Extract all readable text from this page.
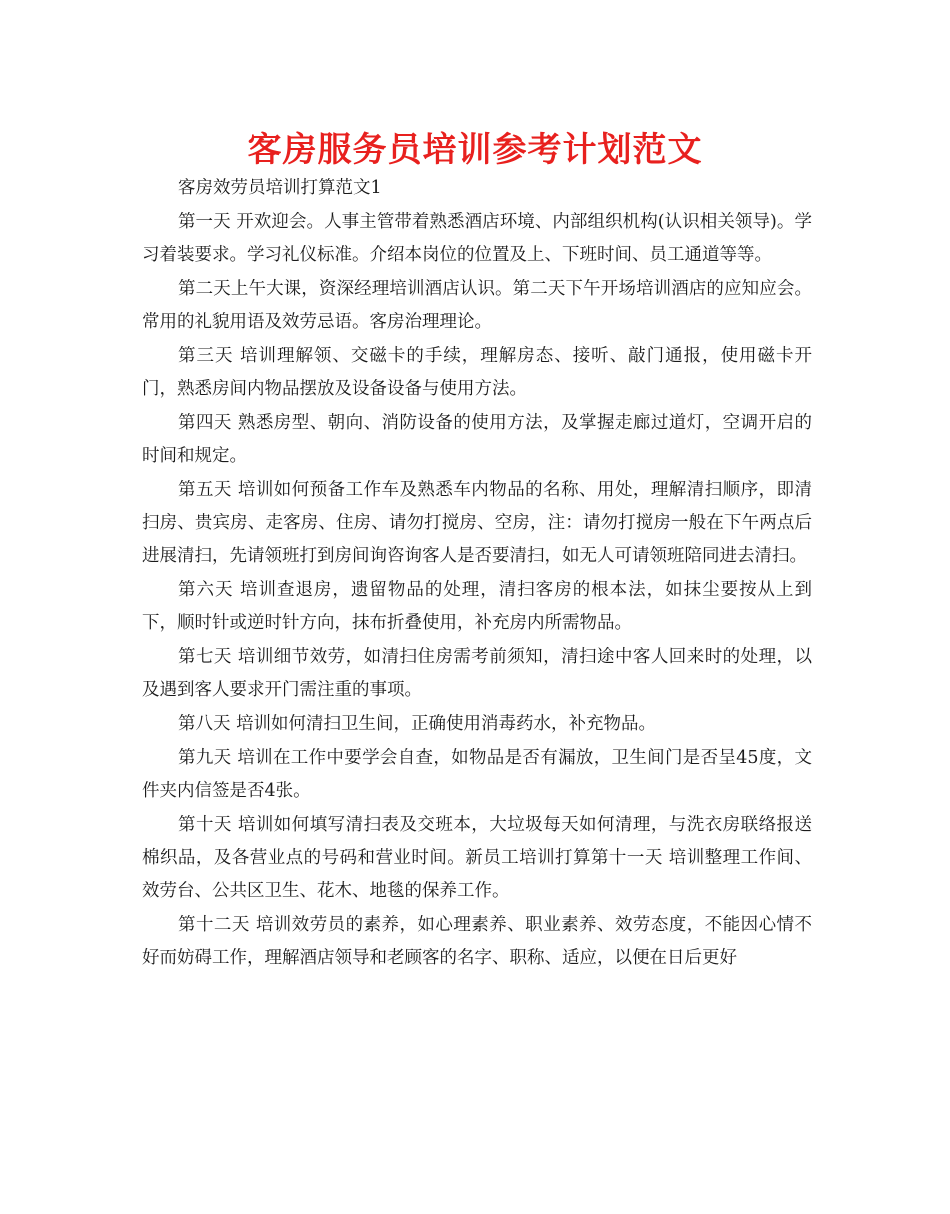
客房服务员培训参考计划范文

客房效劳员培训打算范文1

第一天 开欢迎会。人事主管带着熟悉酒店环境、内部组织机构(认识相关领导)。学习着装要求。学习礼仪标准。介绍本岗位的位置及上、下班时间、员工通道等等。

第二天上午大课，资深经理培训酒店认识。第二天下午开场培训酒店的应知应会。常用的礼貌用语及效劳忌语。客房治理理论。

第三天 培训理解领、交磁卡的手续，理解房态、接听、敲门通报，使用磁卡开门，熟悉房间内物品摆放及设备设备与使用方法。

第四天 熟悉房型、朝向、消防设备的使用方法，及掌握走廊过道灯，空调开启的时间和规定。

第五天 培训如何预备工作车及熟悉车内物品的名称、用处，理解清扫顺序，即清扫房、贵宾房、走客房、住房、请勿打搅房、空房，注：请勿打搅房一般在下午两点后进展清扫，先请领班打到房间询咨询客人是否要清扫，如无人可请领班陪同进去清扫。

第六天 培训查退房，遗留物品的处理，清扫客房的根本法，如抹尘要按从上到下，顺时针或逆时针方向，抹布折叠使用，补充房内所需物品。

第七天 培训细节效劳，如清扫住房需考前须知，清扫途中客人回来时的处理，以及遇到客人要求开门需注重的事项。

第八天 培训如何清扫卫生间，正确使用消毒药水，补充物品。

第九天 培训在工作中要学会自查，如物品是否有漏放，卫生间门是否呈45度，文件夹内信签是否4张。

第十天 培训如何填写清扫表及交班本，大垃圾每天如何清理，与洗衣房联络报送棉织品，及各营业点的号码和营业时间。新员工培训打算第十一天 培训整理工作间、效劳台、公共区卫生、花木、地毯的保养工作。

第十二天 培训效劳员的素养，如心理素养、职业素养、效劳态度，不能因心情不好而妨碍工作，理解酒店领导和老顾客的名字、职称、适应，以便在日后更好
